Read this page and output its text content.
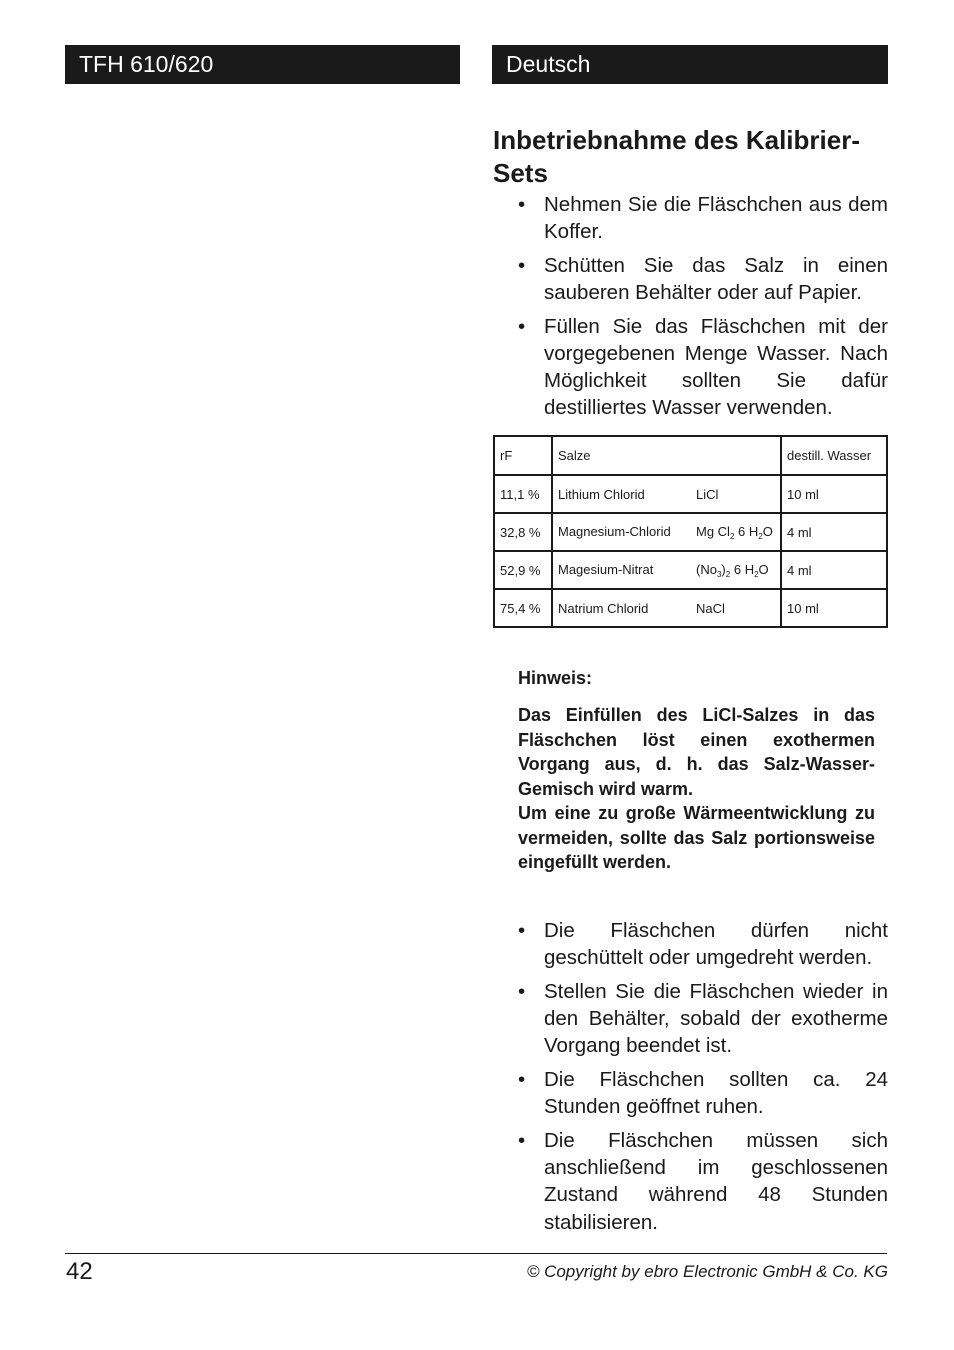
TFH 610/620	Deutsch
Inbetriebnahme des Kalibrier-
Sets
• Nehmen Sie die Fläschchen aus dem Koffer.
• Schütten Sie das Salz in einen sauberen Behälter oder auf Papier.
• Füllen Sie das Fläschchen mit der vorgegebenen Menge Wasser. Nach Möglichkeit sollten Sie dafür destilliertes Wasser verwenden.
rF	Salze	destill. Wasser
11,1 %	Lithium Chlorid LiCl	10 ml
32,8 %	Magnesium-Chlorid Mg $Cl_2$ 6 $H_2O$	4 ml
52,9 %	Magesium-Nitrat $(No_3)_2$ 6 $H_2O$	4 ml
75,4 %	Natrium Chlorid NaCl	10 ml
Hinweis:

Das Einfüllen des LiCl-Salzes in das Fläschchen löst einen exothermen Vorgang aus, d. h. das Salz-Wasser-Gemisch wird warm.

Um eine zu große Wärmeentwicklung zu vermeiden, sollte das Salz portionsweise eingefüllt werden.

• Die Fläschchen dürfen nicht geschüttelt oder umgedreht werden.
• Stellen Sie die Fläschchen wieder in den Behälter, sobald der exotherme Vorgang beendet ist.
• Die Fläschchen sollten ca. 24 Stunden geöffnet ruhen.
• Die Fläschchen müssen sich anschließend im geschlossenen Zustand während 48 Stunden stabilisieren.
42	© Copyright by ebro Electronic GmbH & Co. KG
